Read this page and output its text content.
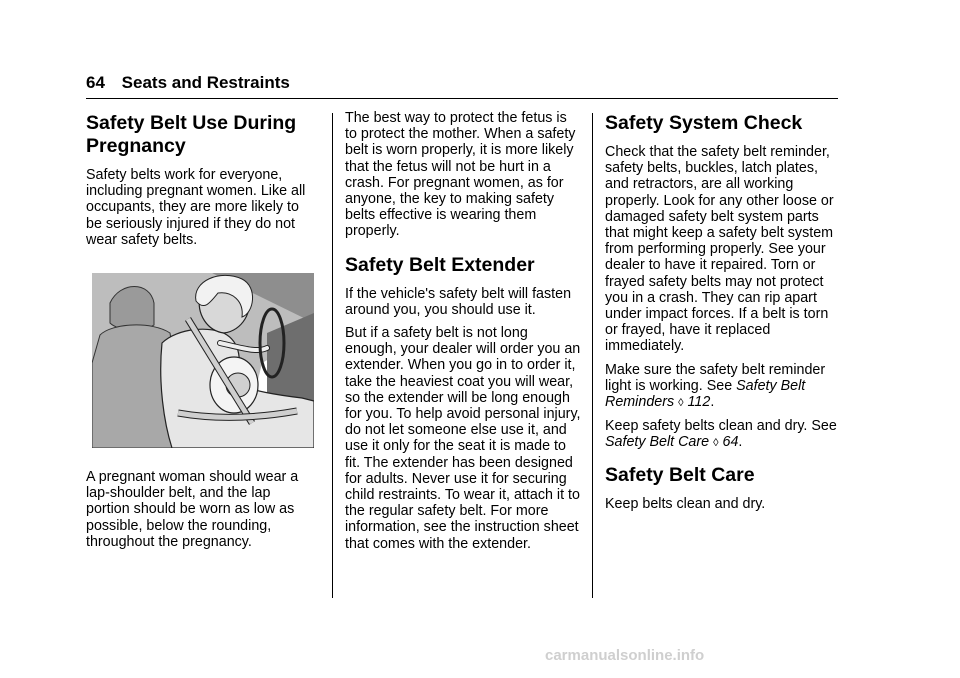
64 Seats and Restraints
Safety Belt Use During Pregnancy

Safety belts work for everyone, including pregnant women. Like all occupants, they are more likely to be seriously injured if they do not wear safety belts.

A pregnant woman should wear a lap-shoulder belt, and the lap portion should be worn as low as possible, below the rounding, throughout the pregnancy.

The best way to protect the fetus is to protect the mother. When a safety belt is worn properly, it is more likely that the fetus will not be hurt in a crash. For pregnant women, as for anyone, the key to making safety belts effective is wearing them properly.

Safety Belt Extender

If the vehicle's safety belt will fasten around you, you should use it.

But if a safety belt is not long enough, your dealer will order you an extender. When you go in to order it, take the heaviest coat you will wear, so the extender will be long enough for you. To help avoid personal injury, do not let someone else use it, and use it only for the seat it is made to fit. The extender has been designed for adults. Never use it for securing child restraints. To wear it, attach it to the regular safety belt. For more information, see the instruction sheet that comes with the extender.

Safety System Check

Check that the safety belt reminder, safety belts, buckles, latch plates, and retractors, are all working properly. Look for any other loose or damaged safety belt system parts that might keep a safety belt system from performing properly. See your dealer to have it repaired. Torn or frayed safety belts may not protect you in a crash. They can rip apart under impact forces. If a belt is torn or frayed, have it replaced immediately.

Make sure the safety belt reminder light is working. See Safety Belt Reminders ◊ 112.

Keep safety belts clean and dry. See Safety Belt Care ◊ 64.

Safety Belt Care

Keep belts clean and dry.

carmanualsonline.info
